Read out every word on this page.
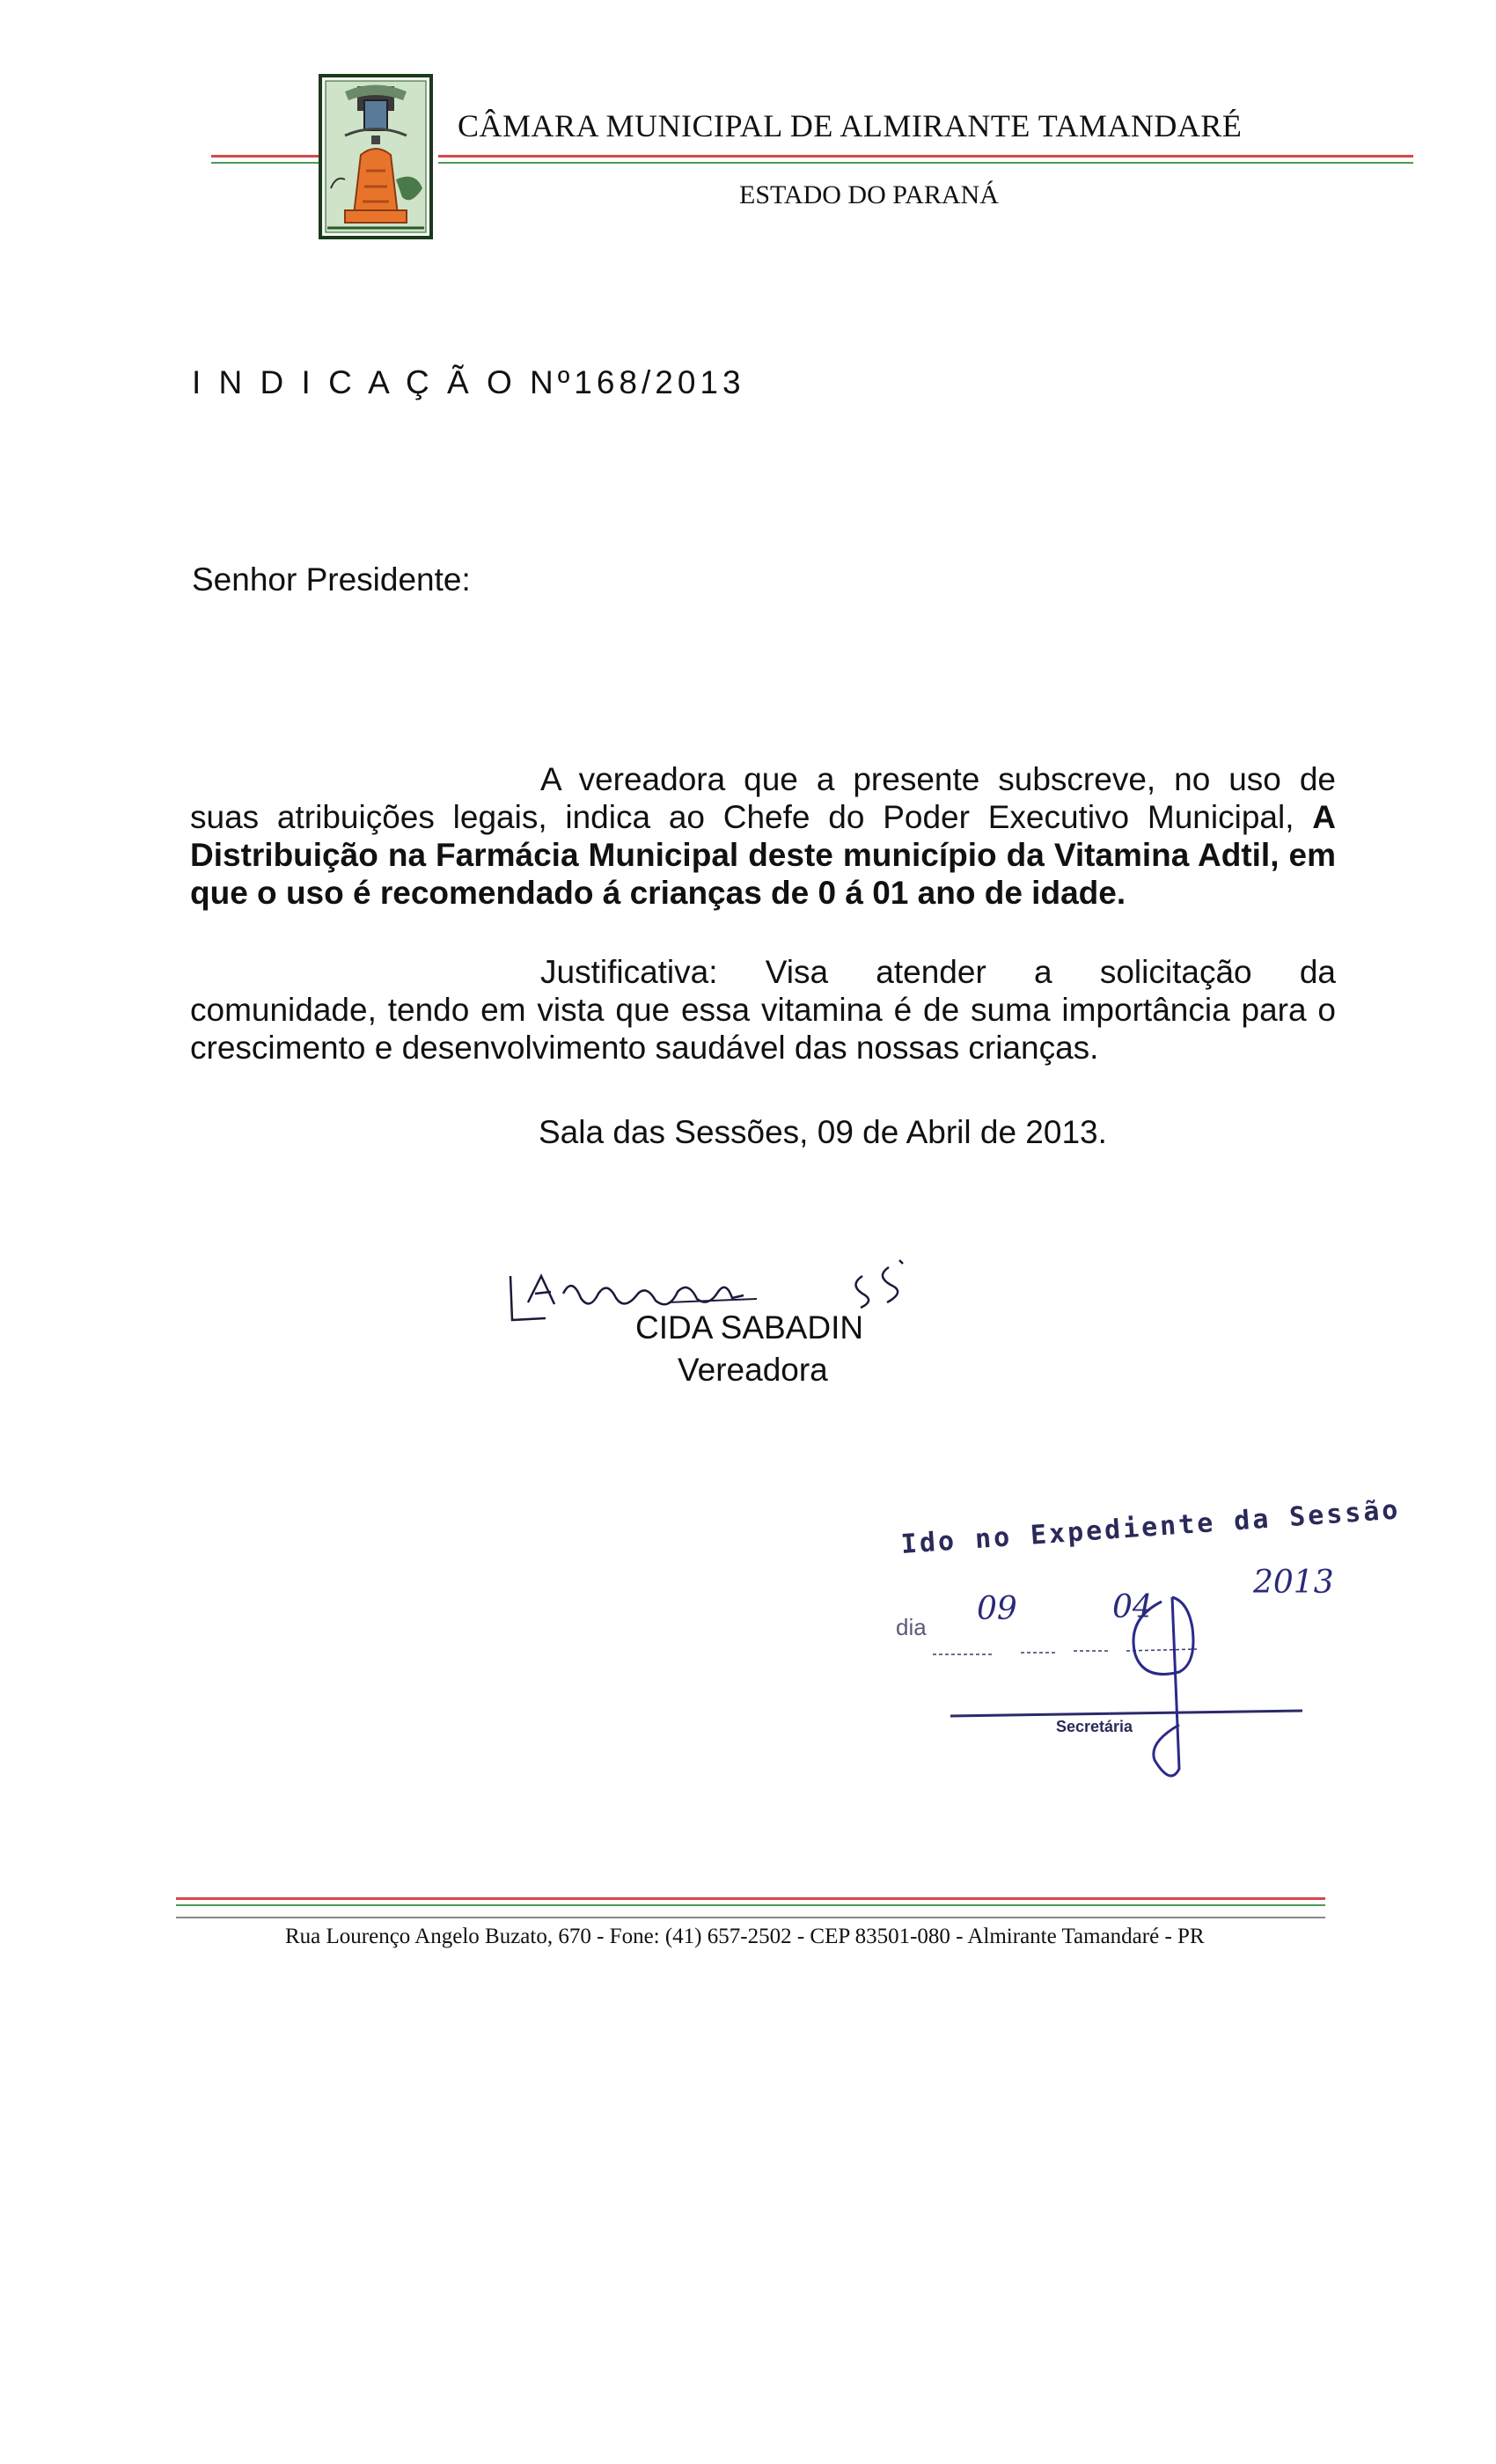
CÂMARA MUNICIPAL DE ALMIRANTE TAMANDARÉ
ESTADO DO PARANÁ
I N D I C A Ç Ã O Nº168/2013
Senhor Presidente:
A vereadora que a presente subscreve, no uso de suas atribuições legais, indica ao Chefe do Poder Executivo Municipal, A Distribuição na Farmácia Municipal deste município da Vitamina Adtil, em que o uso é recomendado á crianças de 0 á 01 ano de idade.
Justificativa: Visa atender a solicitação da comunidade, tendo em vista que essa vitamina é de suma importância para o crescimento e desenvolvimento saudável das nossas crianças.
Sala das Sessões, 09 de Abril de 2013.
CIDA SABADIN
Vereadora
Ido no Expediente da Sessão
dia 09	04
2013
Secretária
Rua Lourenço Angelo Buzato, 670 - Fone: (41) 657-2502 - CEP 83501-080 - Almirante Tamandaré - PR
